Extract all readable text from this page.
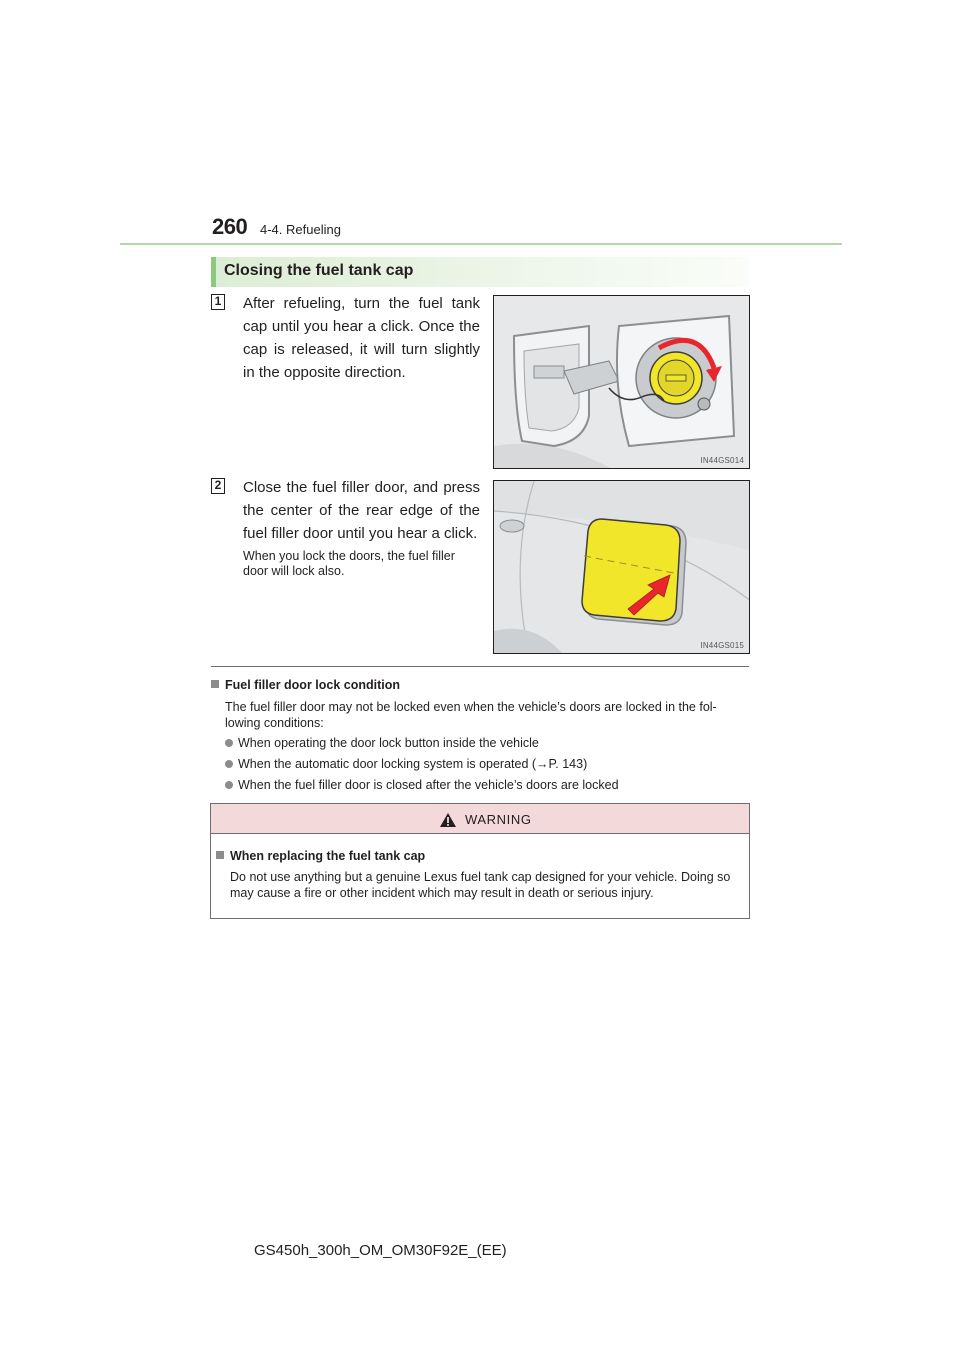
260 4-4. Refueling
Closing the fuel tank cap
1 After refueling, turn the fuel tank cap until you hear a click. Once the cap is released, it will turn slightly in the opposite direction.
IN44GS014
2 Close the fuel filler door, and press the center of the rear edge of the fuel filler door until you hear a click.
When you lock the doors, the fuel filler door will lock also.
IN44GS015
Fuel filler door lock condition
The fuel filler door may not be locked even when the vehicle’s doors are locked in the fol-lowing conditions:
When operating the door lock button inside the vehicle
When the automatic door locking system is operated (→P. 143)
When the fuel filler door is closed after the vehicle’s doors are locked
WARNING
When replacing the fuel tank cap
Do not use anything but a genuine Lexus fuel tank cap designed for your vehicle. Doing so may cause a fire or other incident which may result in death or serious injury.
GS450h_300h_OM_OM30F92E_(EE)
